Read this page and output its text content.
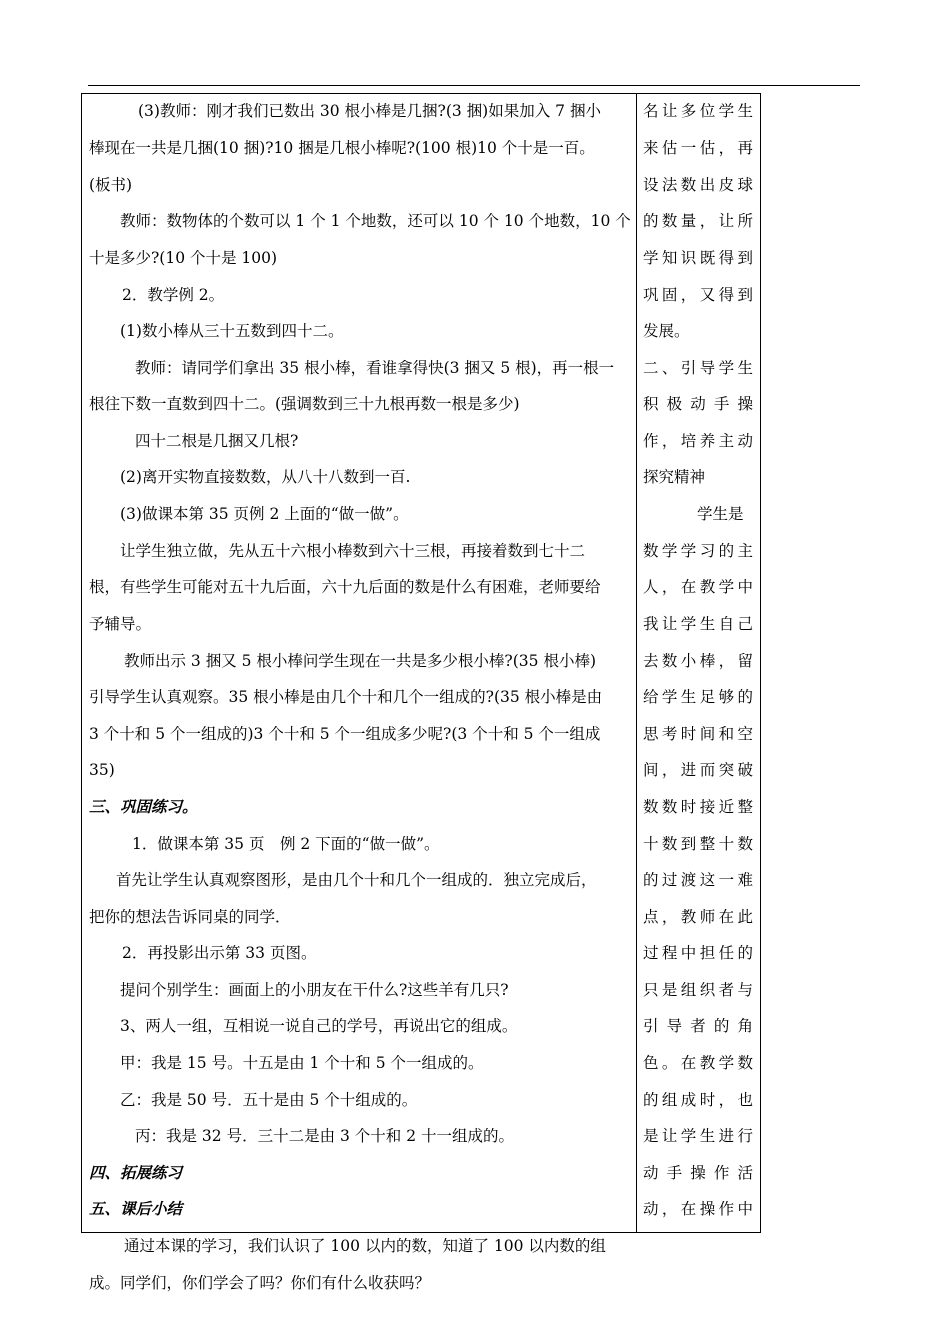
(3)教师：刚才我们已数出 30 根小棒是几捆?(3 捆)如果加入 7 捆小
棒现在一共是几捆(10 捆)?10 捆是几根小棒呢?(100 根)10 个十是一百。
(板书)
教师：数物体的个数可以 1 个 1 个地数，还可以 10 个 10 个地数，10 个
十是多少?(10 个十是 100)
2．教学例 2。
(1)数小棒从三十五数到四十二。
教师：请同学们拿出 35 根小棒，看谁拿得快(3 捆又 5 根)，再一根一
根往下数一直数到四十二。(强调数到三十九根再数一根是多少)
四十二根是几捆又几根?
(2)离开实物直接数数，从八十八数到一百.
(3)做课本第 35 页例 2 上面的“做一做”。
让学生独立做，先从五十六根小棒数到六十三根，再接着数到七十二
根，有些学生可能对五十九后面，六十九后面的数是什么有困难，老师要给
予辅导。
教师出示 3 捆又 5 根小棒问学生现在一共是多少根小棒?(35 根小棒)
引导学生认真观察。35 根小棒是由几个十和几个一组成的?(35 根小棒是由
3 个十和 5 个一组成的)3 个十和 5 个一组成多少呢?(3 个十和 5 个一组成
35)
三、巩固练习。
1．做课本第 35 页　例 2 下面的“做一做”。
首先让学生认真观察图形，是由几个十和几个一组成的．独立完成后，
把你的想法告诉同桌的同学．
2．再投影出示第 33 页图。
提问个别学生：画面上的小朋友在干什么?这些羊有几只?
3、两人一组，互相说一说自己的学号，再说出它的组成。
甲：我是 15 号。十五是由 1 个十和 5 个一组成的。
乙：我是 50 号．五十是由 5 个十组成的。
丙：我是 32 号．三十二是由 3 个十和 2 十一组成的。
四、拓展练习
五、课后小结
通过本课的学习，我们认识了 100 以内的数，知道了 100 以内数的组
成。同学们，你们学会了吗？你们有什么收获吗？
名让多位学生
来估一估，再
设法数出皮球
的数量，让所
学知识既得到
巩固，又得到
发展。
二、引导学生
积极动手操
作，培养主动
探究精神
学生是
数学学习的主
人，在教学中
我让学生自己
去数小棒，留
给学生足够的
思考时间和空
间，进而突破
数数时接近整
十数到整十数
的过渡这一难
点，教师在此
过程中担任的
只是组织者与
引导者的角
色。在教学数
的组成时，也
是让学生进行
动手操作活
动，在操作中
